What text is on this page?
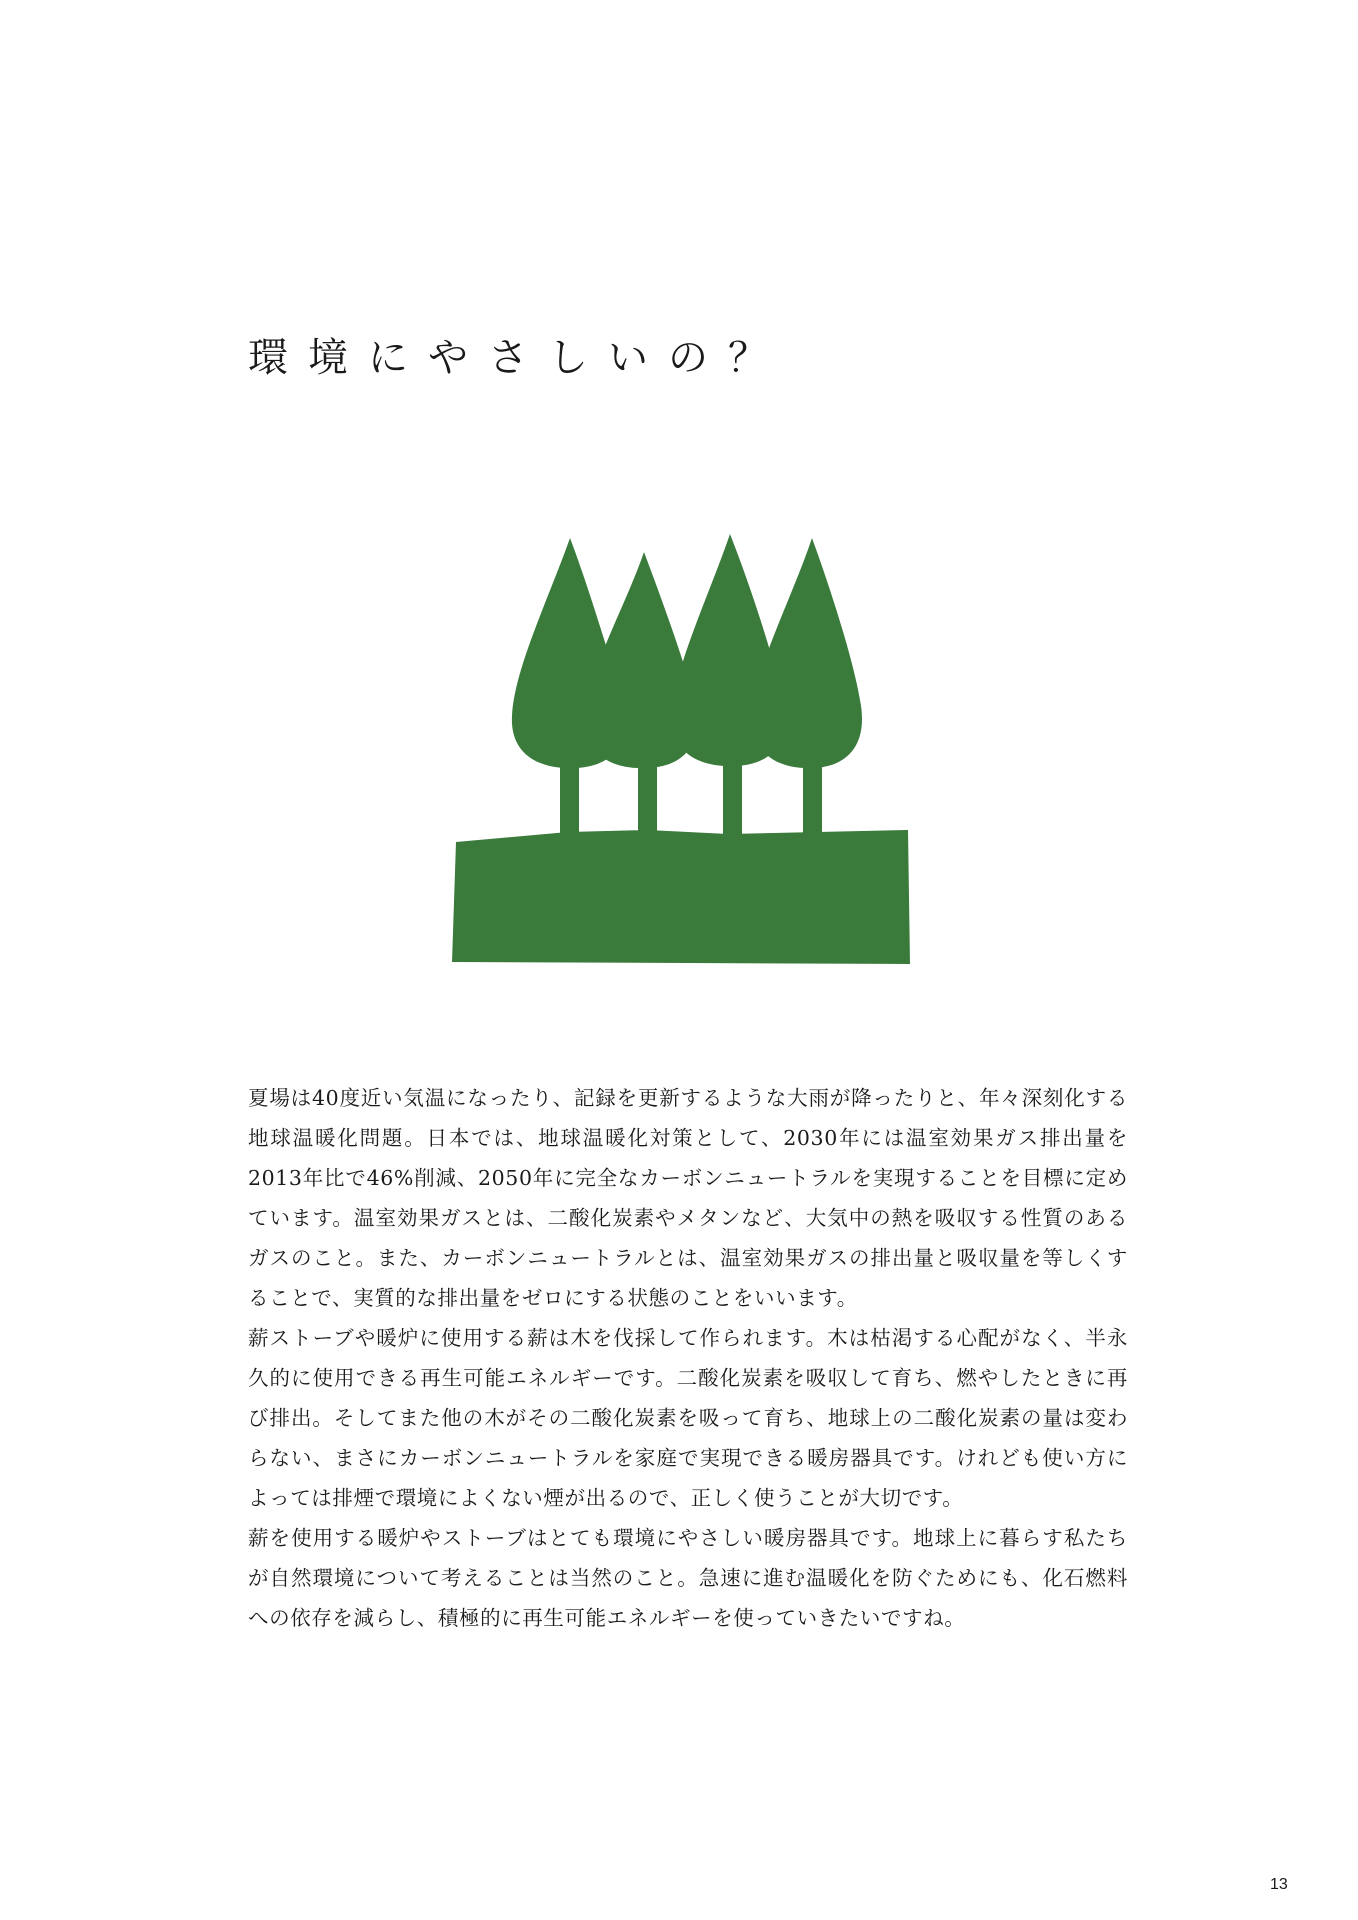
環境にやさしいの？

夏場は40度近い気温になったり、記録を更新するような大雨が降ったりと、年々深刻化する地球温暖化問題。日本では、地球温暖化対策として、2030年には温室効果ガス排出量を2013年比で46%削減、2050年に完全なカーボンニュートラルを実現することを目標に定めています。温室効果ガスとは、二酸化炭素やメタンなど、大気中の熱を吸収する性質のあるガスのこと。また、カーボンニュートラルとは、温室効果ガスの排出量と吸収量を等しくすることで、実質的な排出量をゼロにする状態のことをいいます。

薪ストーブや暖炉に使用する薪は木を伐採して作られます。木は枯渇する心配がなく、半永久的に使用できる再生可能エネルギーです。二酸化炭素を吸収して育ち、燃やしたときに再び排出。そしてまた他の木がその二酸化炭素を吸って育ち、地球上の二酸化炭素の量は変わらない、まさにカーボンニュートラルを家庭で実現できる暖房器具です。けれども使い方によっては排煙で環境によくない煙が出るので、正しく使うことが大切です。

薪を使用する暖炉やストーブはとても環境にやさしい暖房器具です。地球上に暮らす私たちが自然環境について考えることは当然のこと。急速に進む温暖化を防ぐためにも、化石燃料への依存を減らし、積極的に再生可能エネルギーを使っていきたいですね。

13
